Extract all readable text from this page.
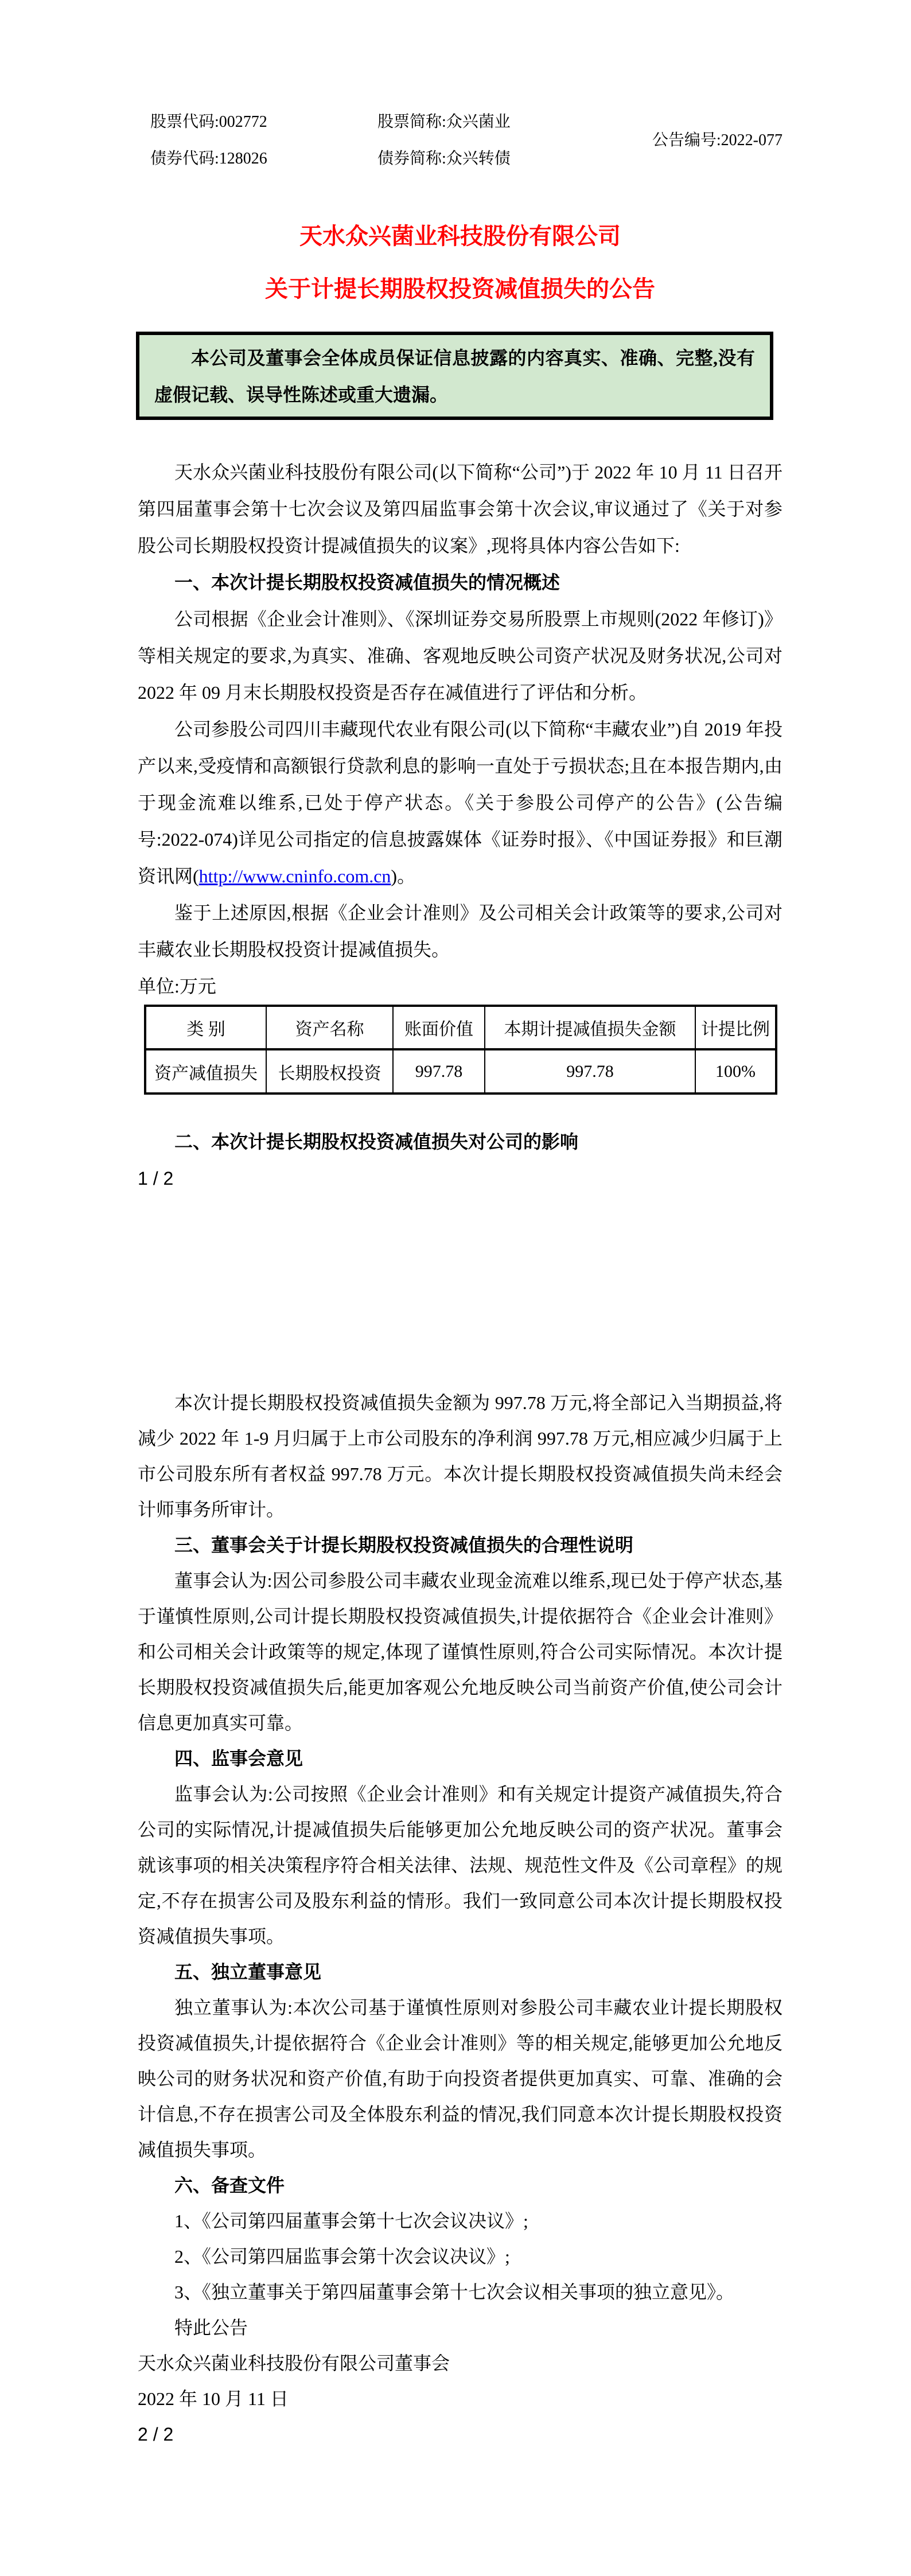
股票代码:002772
债券代码:128026
股票简称:众兴菌业
债券简称:众兴转债
公告编号:2022-077
天水众兴菌业科技股份有限公司
关于计提长期股权投资减值损失的公告

本公司及董事会全体成员保证信息披露的内容真实、准确、完整,没有虚假记载、误导性陈述或重大遗漏。

天水众兴菌业科技股份有限公司(以下简称“公司”)于 2022 年 10 月 11 日召开第四届董事会第十七次会议及第四届监事会第十次会议,审议通过了《关于对参股公司长期股权投资计提减值损失的议案》,现将具体内容公告如下:

一、本次计提长期股权投资减值损失的情况概述

公司根据《企业会计准则》、《深圳证券交易所股票上市规则(2022 年修订)》等相关规定的要求,为真实、准确、客观地反映公司资产状况及财务状况,公司对 2022 年 09 月末长期股权投资是否存在减值进行了评估和分析。

公司参股公司四川丰藏现代农业有限公司(以下简称“丰藏农业”)自 2019 年投产以来,受疫情和高额银行贷款利息的影响一直处于亏损状态;且在本报告期内,由于现金流难以维系,已处于停产状态。《关于参股公司停产的公告》(公告编号:2022-074)详见公司指定的信息披露媒体《证券时报》、《中国证券报》和巨潮资讯网(http://www.cninfo.com.cn)。

鉴于上述原因,根据《企业会计准则》及公司相关会计政策等的要求,公司对丰藏农业长期股权投资计提减值损失。

单位:万元

类 别	资产名称	账面价值	本期计提减值损失金额	计提比例
资产减值损失	长期股权投资	997.78	997.78	100%
二、本次计提长期股权投资减值损失对公司的影响

1 / 2

本次计提长期股权投资减值损失金额为 997.78 万元,将全部记入当期损益,将减少 2022 年 1-9 月归属于上市公司股东的净利润 997.78 万元,相应减少归属于上市公司股东所有者权益 997.78 万元。本次计提长期股权投资减值损失尚未经会计师事务所审计。

三、董事会关于计提长期股权投资减值损失的合理性说明

董事会认为:因公司参股公司丰藏农业现金流难以维系,现已处于停产状态,基于谨慎性原则,公司计提长期股权投资减值损失,计提依据符合《企业会计准则》和公司相关会计政策等的规定,体现了谨慎性原则,符合公司实际情况。本次计提长期股权投资减值损失后,能更加客观公允地反映公司当前资产价值,使公司会计信息更加真实可靠。

四、监事会意见

监事会认为:公司按照《企业会计准则》和有关规定计提资产减值损失,符合公司的实际情况,计提减值损失后能够更加公允地反映公司的资产状况。董事会就该事项的相关决策程序符合相关法律、法规、规范性文件及《公司章程》的规定,不存在损害公司及股东利益的情形。我们一致同意公司本次计提长期股权投资减值损失事项。

五、独立董事意见

独立董事认为:本次公司基于谨慎性原则对参股公司丰藏农业计提长期股权投资减值损失,计提依据符合《企业会计准则》等的相关规定,能够更加公允地反映公司的财务状况和资产价值,有助于向投资者提供更加真实、可靠、准确的会计信息,不存在损害公司及全体股东利益的情况,我们同意本次计提长期股权投资减值损失事项。

六、备查文件

1、《公司第四届董事会第十七次会议决议》;

2、《公司第四届监事会第十次会议决议》;

3、《独立董事关于第四届董事会第十七次会议相关事项的独立意见》。

特此公告

天水众兴菌业科技股份有限公司董事会

2022 年 10 月 11 日

2 / 2
